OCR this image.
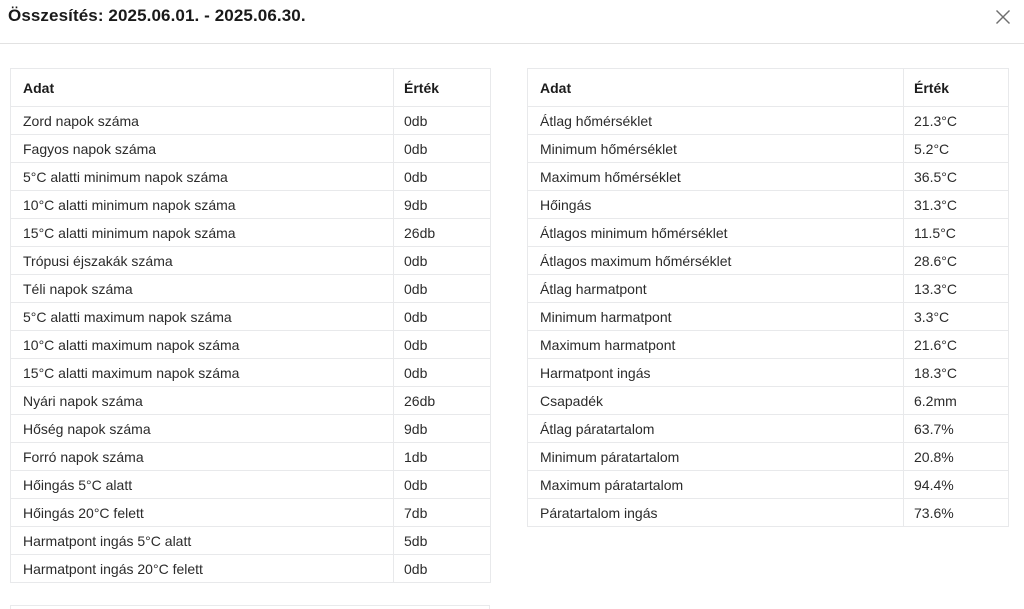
Összesítés: 2025.06.01. - 2025.06.30.
Adat	Érték
Zord napok száma	0db
Fagyos napok száma	0db
5°C alatti minimum napok száma	0db
10°C alatti minimum napok száma	9db
15°C alatti minimum napok száma	26db
Trópusi éjszakák száma	0db
Téli napok száma	0db
5°C alatti maximum napok száma	0db
10°C alatti maximum napok száma	0db
15°C alatti maximum napok száma	0db
Nyári napok száma	26db
Hőség napok száma	9db
Forró napok száma	1db
Hőingás 5°C alatt	0db
Hőingás 20°C felett	7db
Harmatpont ingás 5°C alatt	5db
Harmatpont ingás 20°C felett	0db
Adat	Érték
Átlag hőmérséklet	21.3°C
Minimum hőmérséklet	5.2°C
Maximum hőmérséklet	36.5°C
Hőingás	31.3°C
Átlagos minimum hőmérséklet	11.5°C
Átlagos maximum hőmérséklet	28.6°C
Átlag harmatpont	13.3°C
Minimum harmatpont	3.3°C
Maximum harmatpont	21.6°C
Harmatpont ingás	18.3°C
Csapadék	6.2mm
Átlag páratartalom	63.7%
Minimum páratartalom	20.8%
Maximum páratartalom	94.4%
Páratartalom ingás	73.6%
